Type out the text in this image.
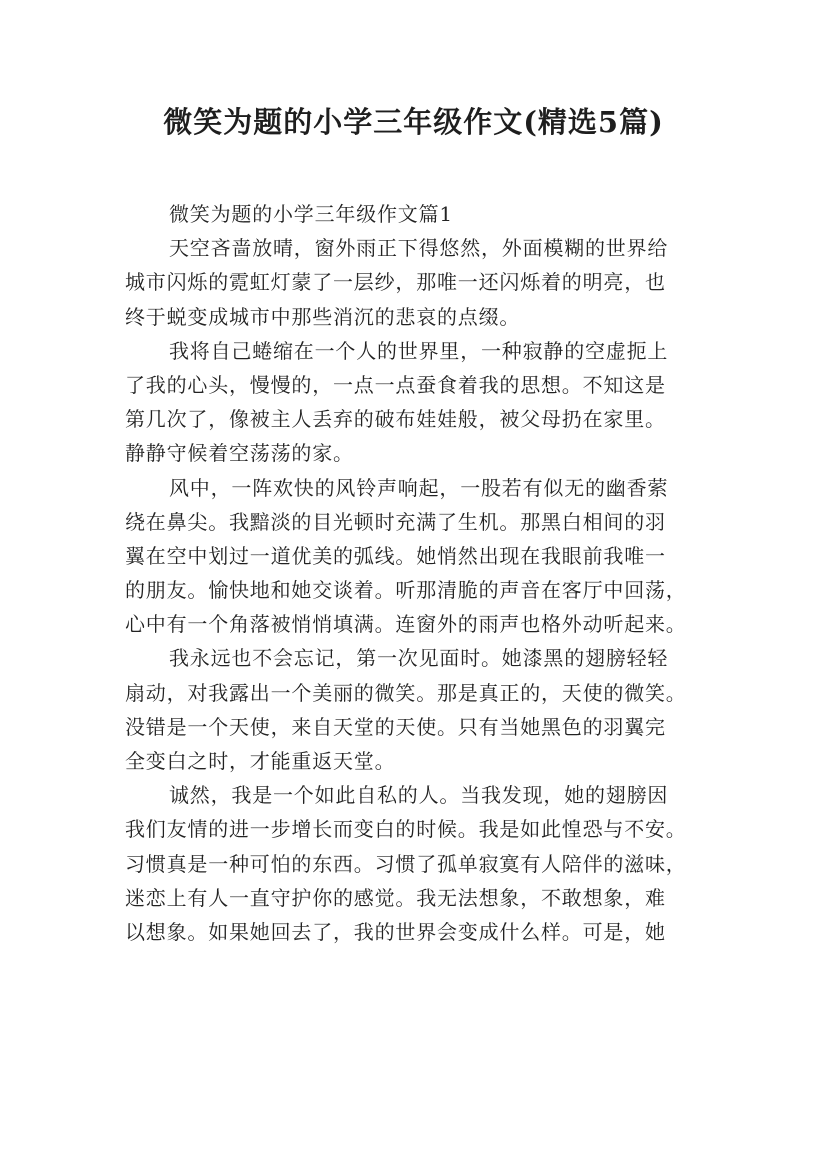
微笑为题的小学三年级作文(精选5篇)
微笑为题的小学三年级作文篇1
天空吝啬放晴，窗外雨正下得悠然，外面模糊的世界给
城市闪烁的霓虹灯蒙了一层纱，那唯一还闪烁着的明亮，也
终于蜕变成城市中那些消沉的悲哀的点缀。
我将自己蜷缩在一个人的世界里，一种寂静的空虚扼上
了我的心头，慢慢的，一点一点蚕食着我的思想。不知这是
第几次了，像被主人丢弃的破布娃娃般，被父母扔在家里。
静静守候着空荡荡的家。
风中，一阵欢快的风铃声响起，一股若有似无的幽香萦
绕在鼻尖。我黯淡的目光顿时充满了生机。那黑白相间的羽
翼在空中划过一道优美的弧线。她悄然出现在我眼前我唯一
的朋友。愉快地和她交谈着。听那清脆的声音在客厅中回荡，
心中有一个角落被悄悄填满。连窗外的雨声也格外动听起来。
我永远也不会忘记，第一次见面时。她漆黑的翅膀轻轻
扇动，对我露出一个美丽的微笑。那是真正的，天使的微笑。
没错是一个天使，来自天堂的天使。只有当她黑色的羽翼完
全变白之时，才能重返天堂。
诚然，我是一个如此自私的人。当我发现，她的翅膀因
我们友情的进一步增长而变白的时候。我是如此惶恐与不安。
习惯真是一种可怕的东西。习惯了孤单寂寞有人陪伴的滋味，
迷恋上有人一直守护你的感觉。我无法想象，不敢想象，难
以想象。如果她回去了，我的世界会变成什么样。可是，她
